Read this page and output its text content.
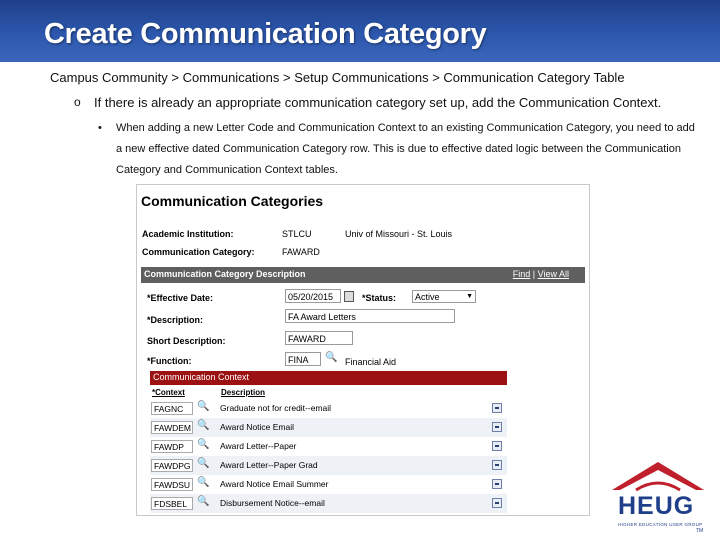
Create Communication Category
Campus Community > Communications > Setup Communications > Communication Category Table
o If there is already an appropriate communication category set up, add the Communication Context.
• When adding a new Letter Code and Communication Context to an existing Communication Category, you need to add a new effective dated Communication Category row. This is due to effective dated logic between the Communication Category and Communication Context tables.
Communication Categories
Academic Institution:	STLCU	Univ of Missouri - St. Louis
Communication Category:	FAWARD
Communication Category Description	Find | View All
*Effective Date:	05/20/2015	*Status:	Active	▼
*Description:	FA Award Letters
Short Description:	FAWARD
*Function:	FINA	🔍 Financial Aid
Communication Context
*Context	Description
FAGNC	🔍 Graduate not for credit--email
FAWDEM 🔍 Award Notice Email
FAWDP	🔍 Award Letter--Paper
FAWDPG 🔍 Award Letter--Paper Grad
FAWDSU 🔍 Award Notice Email Summer
FDSBEL 🔍 Disbursement Notice--email	HEUG
HIGHER EDUCATION USER GROUP
TM
